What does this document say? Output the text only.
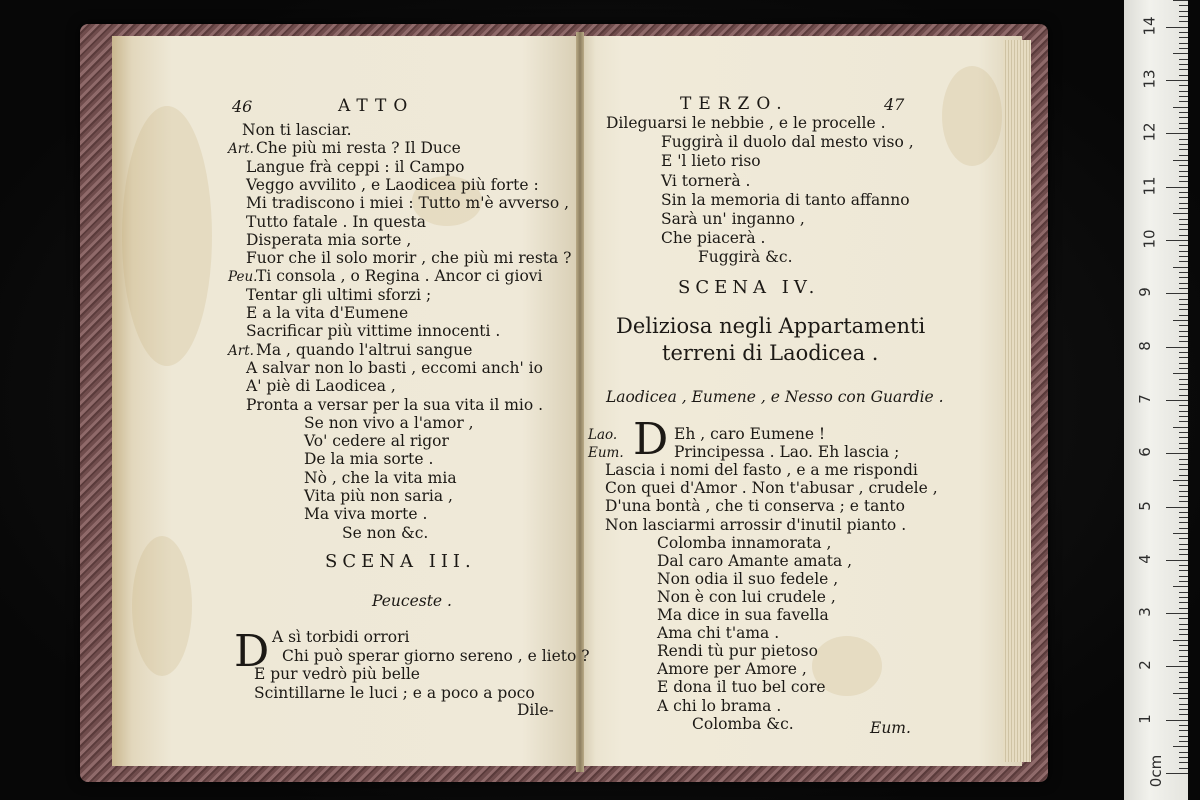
46	ATTO
SCENA III.
Peuceste .
D
Dile-
TERZO.	47
SCENA IV.
Deliziosa negli Appartamenti
terreni di Laodicea .
Laodicea , Eumene , e Nesso con Guardie .
D
Eum.
0cm
1
2
3
4
5
6
7
8
9
10
11
12
13
14
Non ti lasciar.
Art. Che più mi resta ? Il Duce
Langue frà ceppi : il Campo
Veggo avvilito , e Laodicea più forte :
Mi tradiscono i miei : Tutto m'è avverso ,
Tutto fatale . In questa
Disperata mia sorte ,
Fuor che il solo morir , che più mi resta ?
Peu.
Ti consola , o Regina . Ancor ci giovi
Tentar gli ultimi sforzi ;
E a la vita d'Eumene
Sacrificar più vittime innocenti .
Art. Ma , quando l'altrui sangue
A salvar non lo basti , eccomi anch' io
A' piè di Laodicea ,
Pronta a versar per la sua vita il mio .
Se non vivo a l'amor ,
Vo' cedere al rigor
De la mia sorte .
Nò , che la vita mia
Vita più non saria ,
Ma viva morte .
Se non &c.
A sì torbidi orrori
Chi può sperar giorno sereno , e lieto ?
E pur vedrò più belle
Scintillarne le luci ; e a poco a poco
Dileguarsi le nebbie , e le procelle .
Fuggirà il duolo dal mesto viso ,
E 'l lieto riso
Vi tornerà .
Sin la memoria di tanto affanno
Sarà un' inganno ,
Che piacerà .
Fuggirà &c.
Lao.	Eh , caro Eumene !
Eum.	Principessa . Lao. Eh lascia ;
Lascia i nomi del fasto , e a me rispondi
Con quei d'Amor . Non t'abusar , crudele ,
D'una bontà , che ti conserva ; e tanto
Non lasciarmi arrossir d'inutil pianto .
Colomba innamorata ,
Dal caro Amante amata ,
Non odia il suo fedele ,
Non è con lui crudele ,
Ma dice in sua favella
Ama chi t'ama .
Rendi tù pur pietoso
Amore per Amore ,
E dona il tuo bel core
A chi lo brama .
Colomba &c.
